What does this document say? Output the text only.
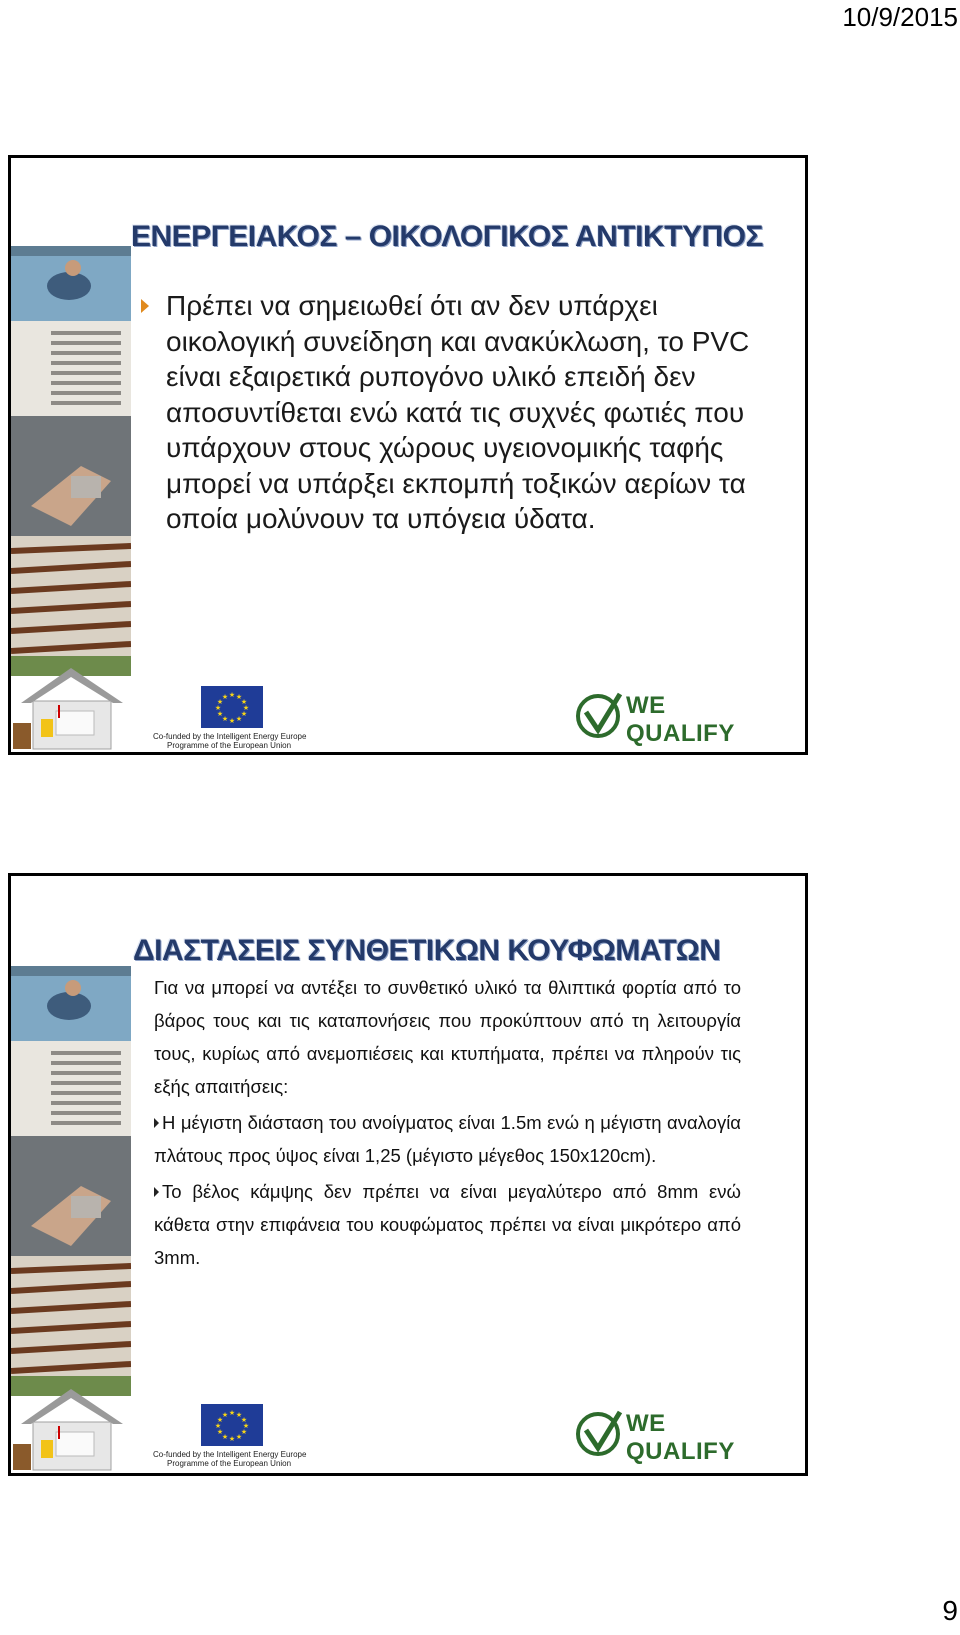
10/9/2015
ΕΝΕΡΓΕΙΑΚΟΣ – ΟΙΚΟΛΟΓΙΚΟΣ ΑΝΤΙΚΤΥΠΟΣ
★ ★
★
★
★
★
★
★
★
★
★
★
Co-funded by the Intelligent Energy Europe
Programme of the European Union
WE
QUALIFY
Πρέπει να σημειωθεί ότι αν δεν υπάρχει οικολογική συνείδηση και ανακύκλωση, το PVC είναι εξαιρετικά ρυπογόνο υλικό επειδή δεν αποσυντίθεται ενώ κατά τις συχνές φωτιές που υπάρχουν στους χώρους υγειονομικής ταφής μπορεί να υπάρξει εκπομπή τοξικών αερίων τα οποία μολύνουν τα υπόγεια ύδατα.
ΔΙΑΣΤΑΣΕΙΣ ΣΥΝΘΕΤΙΚΩΝ ΚΟΥΦΩΜΑΤΩΝ
★ ★
★
★
★
★
★
★
★
★
★
★
Co-funded by the Intelligent Energy Europe
Programme of the European Union
WE
QUALIFY
Για να μπορεί να αντέξει το συνθετικό υλικό τα θλιπτικά φορτία από το βάρος τους και τις καταπονήσεις που προκύπτουν από τη λειτουργία τους, κυρίως από ανεμοπιέσεις και κτυπήματα, πρέπει να πληρούν τις εξής απαιτήσεις:
Η μέγιστη διάσταση του ανοίγματος είναι 1.5m ενώ η μέγιστη αναλογία πλάτους προς ύψος είναι 1,25 (μέγιστο μέγεθος 150x120cm).
Το βέλος κάμψης δεν πρέπει να είναι μεγαλύτερο από 8mm ενώ κάθετα στην επιφάνεια του κουφώματος πρέπει να είναι μικρότερο από 3mm.
9
